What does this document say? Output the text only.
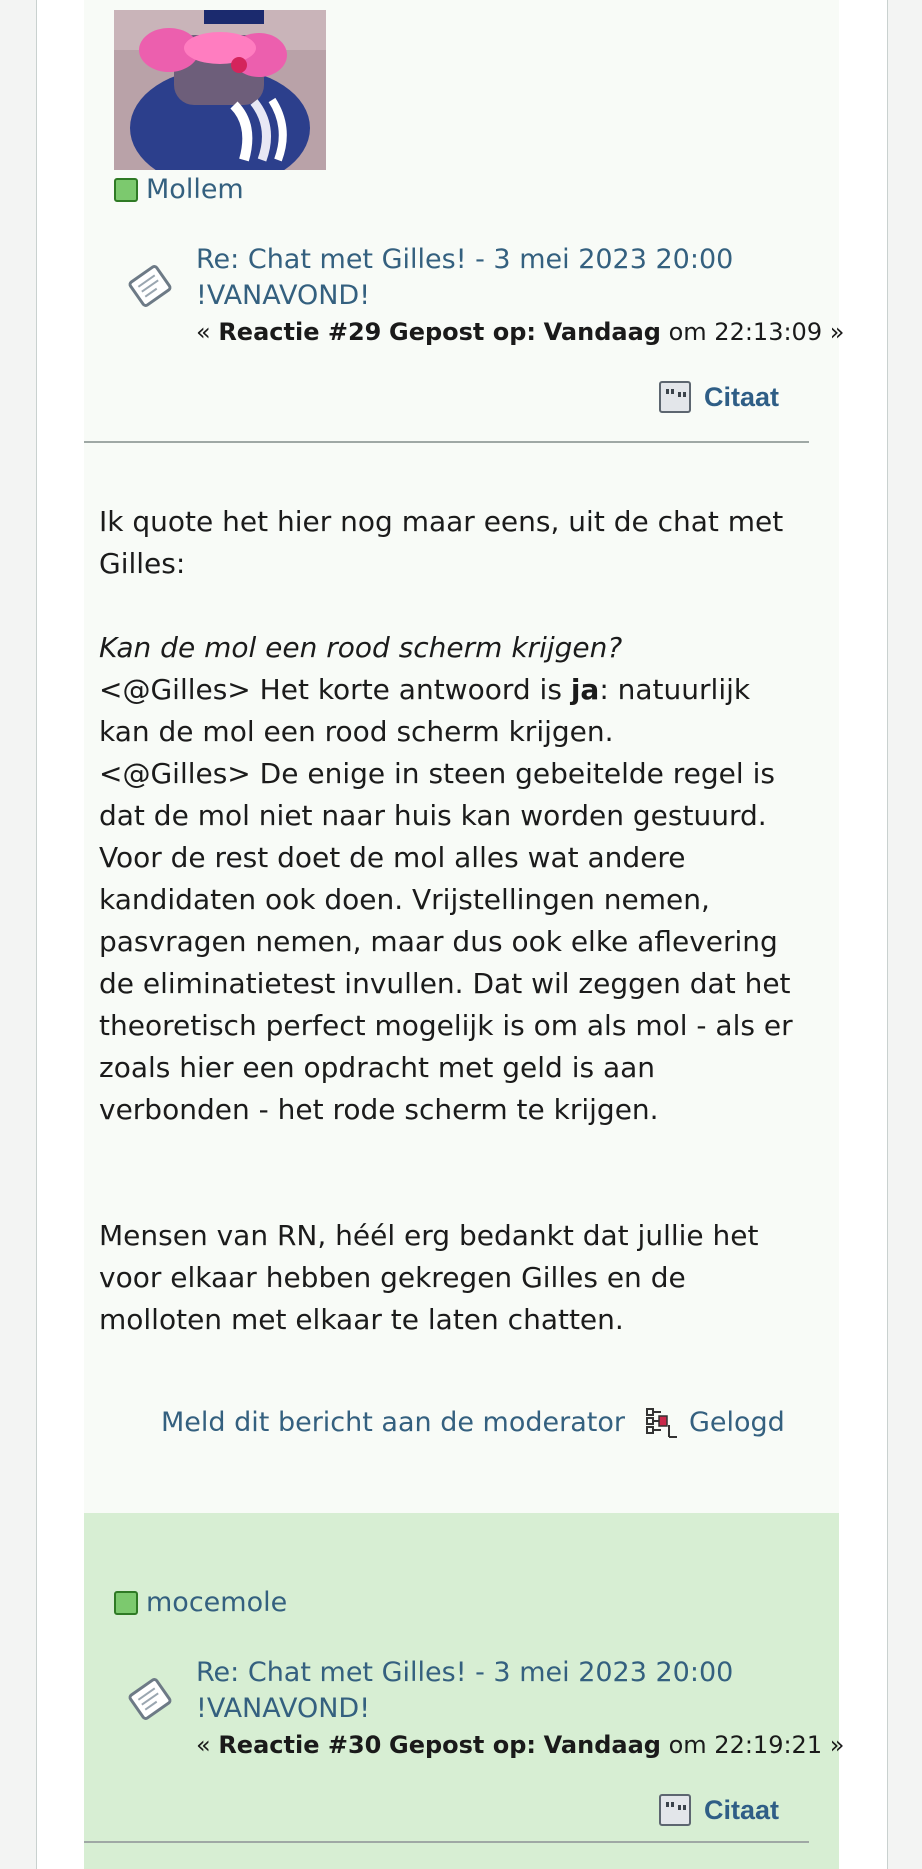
Mollem
Re: Chat met Gilles! - 3 mei 2023 20:00 !VANAVOND!
« Reactie #29 Gepost op: Vandaag om 22:13:09 »
Citaat

Ik quote het hier nog maar eens, uit de chat met Gilles:

Kan de mol een rood scherm krijgen?

<@Gilles> Het korte antwoord is ja: natuurlijk kan de mol een rood scherm krijgen.

<@Gilles> De enige in steen gebeitelde regel is dat de mol niet naar huis kan worden gestuurd. Voor de rest doet de mol alles wat andere kandidaten ook doen. Vrijstellingen nemen, pasvragen nemen, maar dus ook elke aflevering de eliminatietest invullen. Dat wil zeggen dat het theoretisch perfect mogelijk is om als mol - als er zoals hier een opdracht met geld is aan verbonden - het rode scherm te krijgen.

Mensen van RN, héél erg bedankt dat jullie het voor elkaar hebben gekregen Gilles en de molloten met elkaar te laten chatten.

Meld dit bericht aan de moderator Gelogd
mocemole
Re: Chat met Gilles! - 3 mei 2023 20:00 !VANAVOND!
« Reactie #30 Gepost op: Vandaag om 22:19:21 »
Citaat
